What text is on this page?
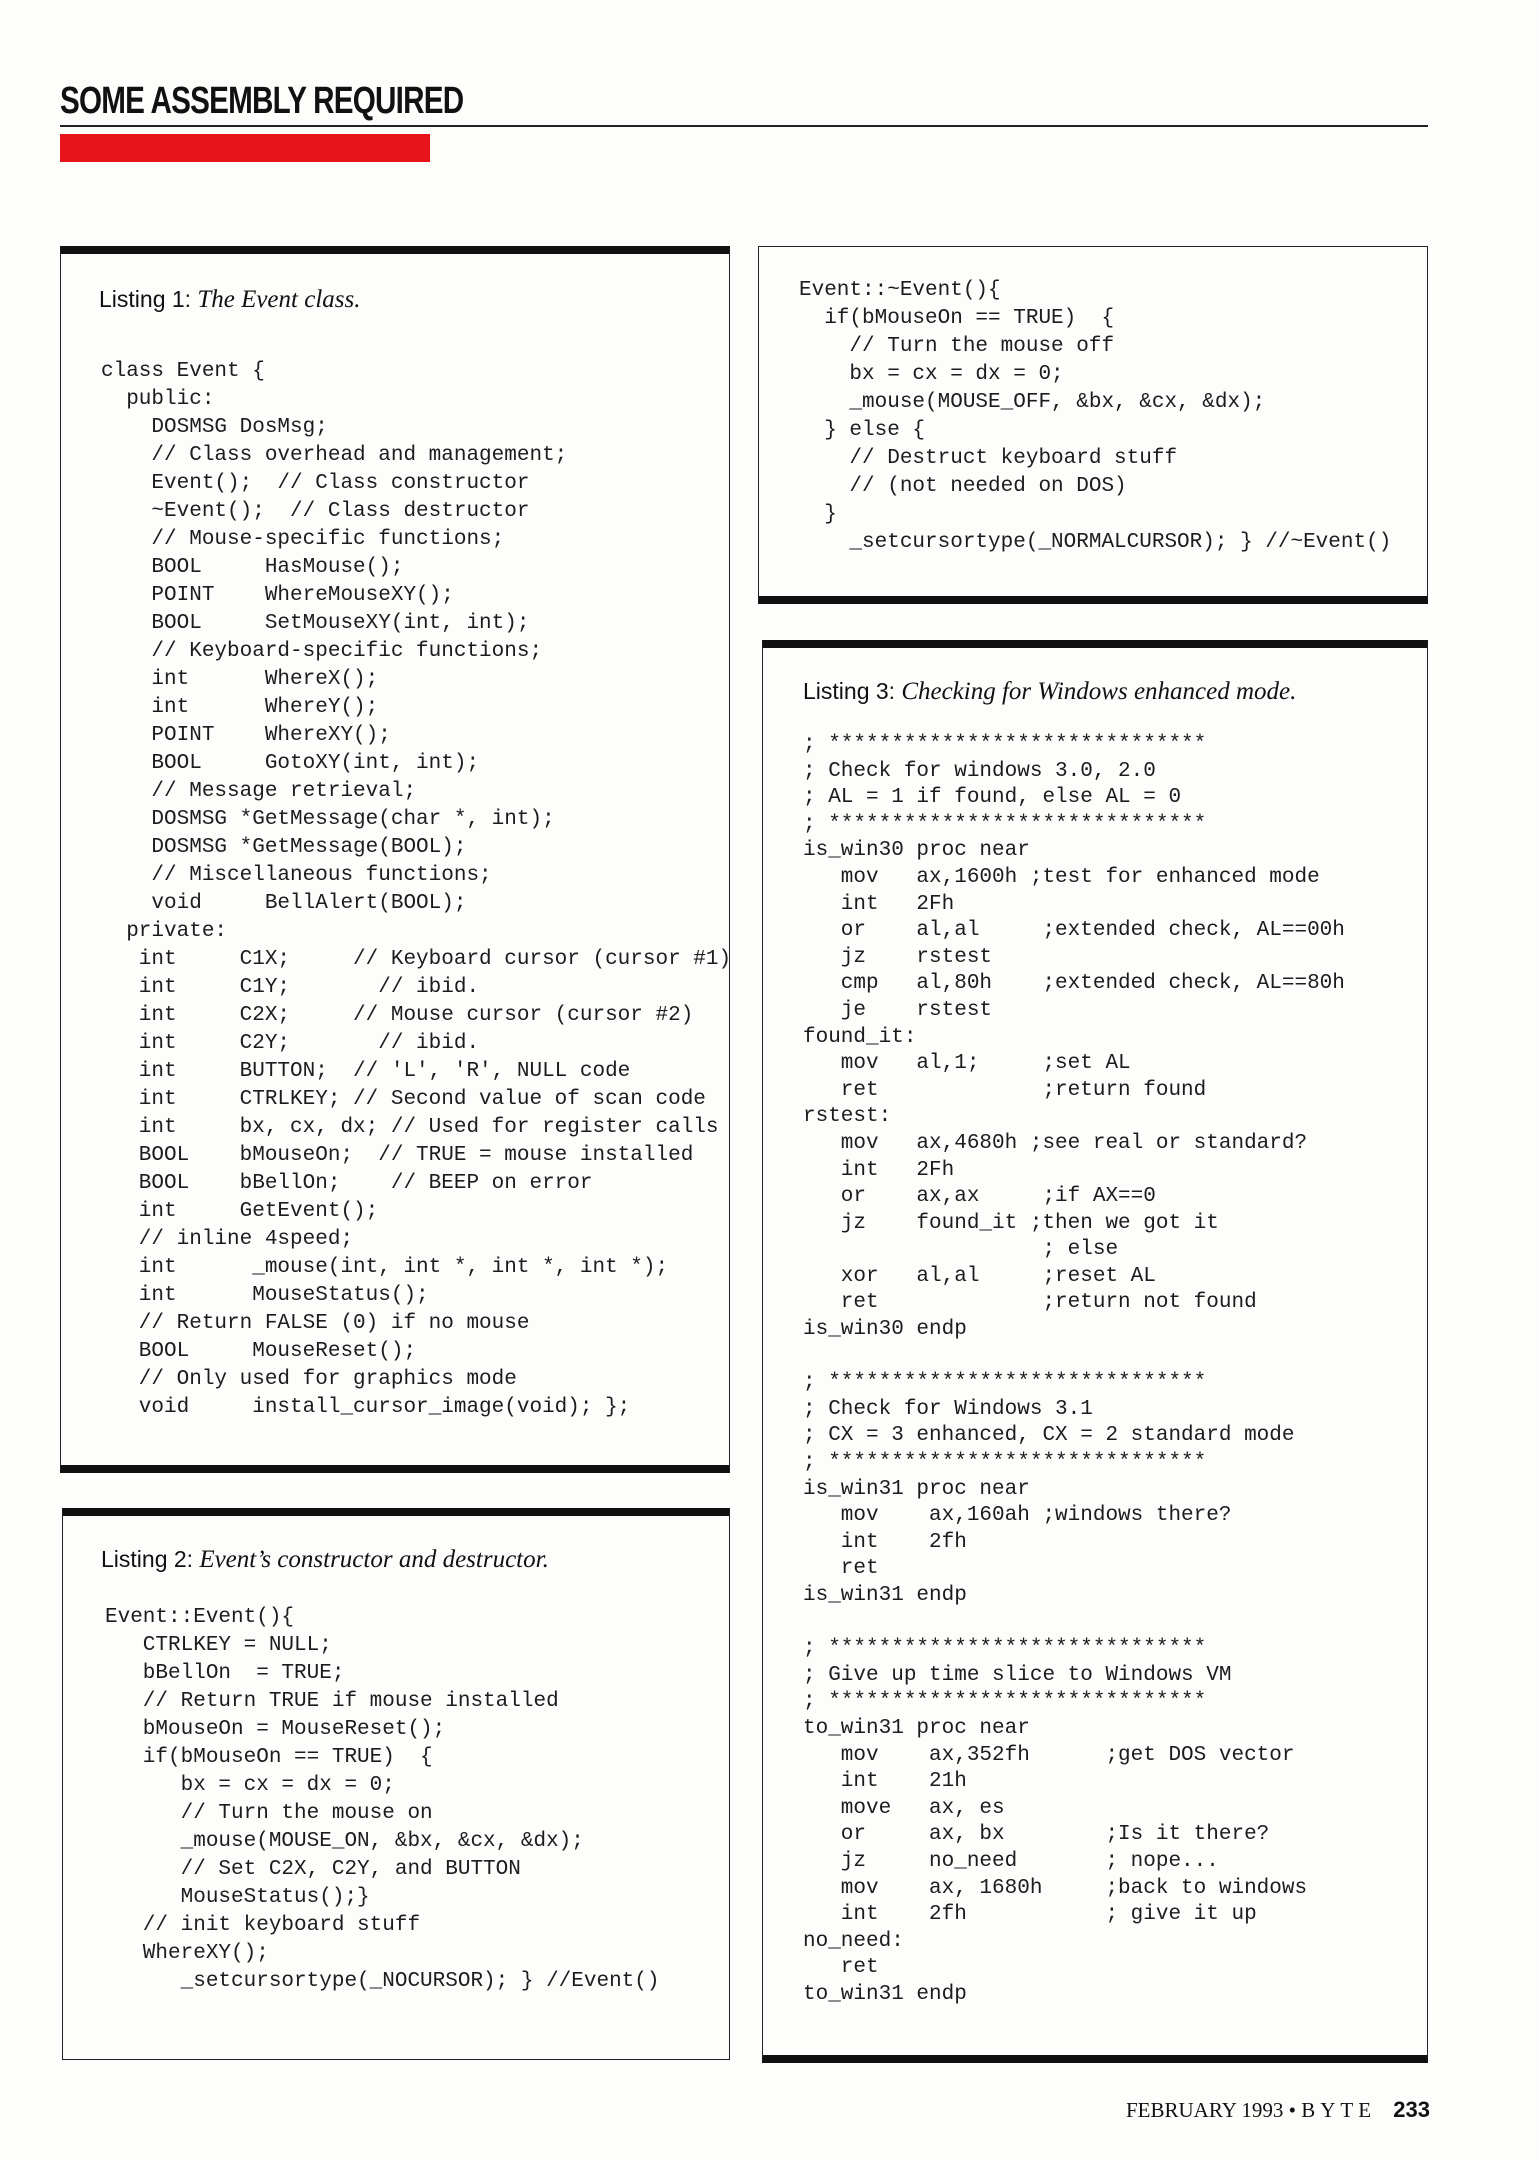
SOME ASSEMBLY REQUIRED
Listing 1: The Event class.
class Event {
public:
DOSMSG DosMsg;
// Class overhead and management;
Event();  // Class constructor
~Event();  // Class destructor
// Mouse-specific functions;
BOOL     HasMouse();
POINT    WhereMouseXY();
BOOL     SetMouseXY(int, int);
// Keyboard-specific functions;
int      WhereX();
int      WhereY();
POINT    WhereXY();
BOOL     GotoXY(int, int);
// Message retrieval;
DOSMSG *GetMessage(char *, int);
DOSMSG *GetMessage(BOOL);
// Miscellaneous functions;
void     BellAlert(BOOL);
private:
int     C1X;     // Keyboard cursor (cursor #1)
int     C1Y;       // ibid.
int     C2X;     // Mouse cursor (cursor #2)
int     C2Y;       // ibid.
int     BUTTON;  // 'L', 'R', NULL code
int     CTRLKEY; // Second value of scan code
int     bx, cx, dx; // Used for register calls
BOOL    bMouseOn;  // TRUE = mouse installed
BOOL    bBellOn;    // BEEP on error
int     GetEvent();
// inline 4speed;
int      _mouse(int, int *, int *, int *);
int      MouseStatus();
// Return FALSE (0) if no mouse
BOOL     MouseReset();
// Only used for graphics mode
void     install_cursor_image(void); };
Listing 2: Event’s constructor and destructor.
Event::Event(){
CTRLKEY = NULL;
bBellOn  = TRUE;
// Return TRUE if mouse installed
bMouseOn = MouseReset();
if(bMouseOn == TRUE)  {
bx = cx = dx = 0;
// Turn the mouse on
_mouse(MOUSE_ON, &bx, &cx, &dx);
// Set C2X, C2Y, and BUTTON
MouseStatus();}
// init keyboard stuff
WhereXY();
_setcursortype(_NOCURSOR); } //Event()
Event::~Event(){
if(bMouseOn == TRUE)  {
// Turn the mouse off
bx = cx = dx = 0;
_mouse(MOUSE_OFF, &bx, &cx, &dx);
} else {
// Destruct keyboard stuff
// (not needed on DOS)
}
_setcursortype(_NORMALCURSOR); } //~Event()
Listing 3: Checking for Windows enhanced mode.
; ******************************
; Check for windows 3.0, 2.0
; AL = 1 if found, else AL = 0
; ******************************
is_win30 proc near
mov   ax,1600h ;test for enhanced mode
int   2Fh
or    al,al     ;extended check, AL==00h
jz    rstest
cmp   al,80h    ;extended check, AL==80h
je    rstest
found_it:
mov   al,1;     ;set AL
ret             ;return found
rstest:
mov   ax,4680h ;see real or standard?
int   2Fh
or    ax,ax     ;if AX==0
jz    found_it ;then we got it
; else
xor   al,al     ;reset AL
ret             ;return not found
is_win30 endp

; ******************************
; Check for Windows 3.1
; CX = 3 enhanced, CX = 2 standard mode
; ******************************
is_win31 proc near
mov    ax,160ah ;windows there?
int    2fh
ret
is_win31 endp

; ******************************
; Give up time slice to Windows VM
; ******************************
to_win31 proc near
mov    ax,352fh      ;get DOS vector
int    21h
move   ax, es
or     ax, bx        ;Is it there?
jz     no_need       ; nope...
mov    ax, 1680h     ;back to windows
int    2fh           ; give it up
no_need:
ret
to_win31 endp
FEBRUARY 1993 • BYTE 233
